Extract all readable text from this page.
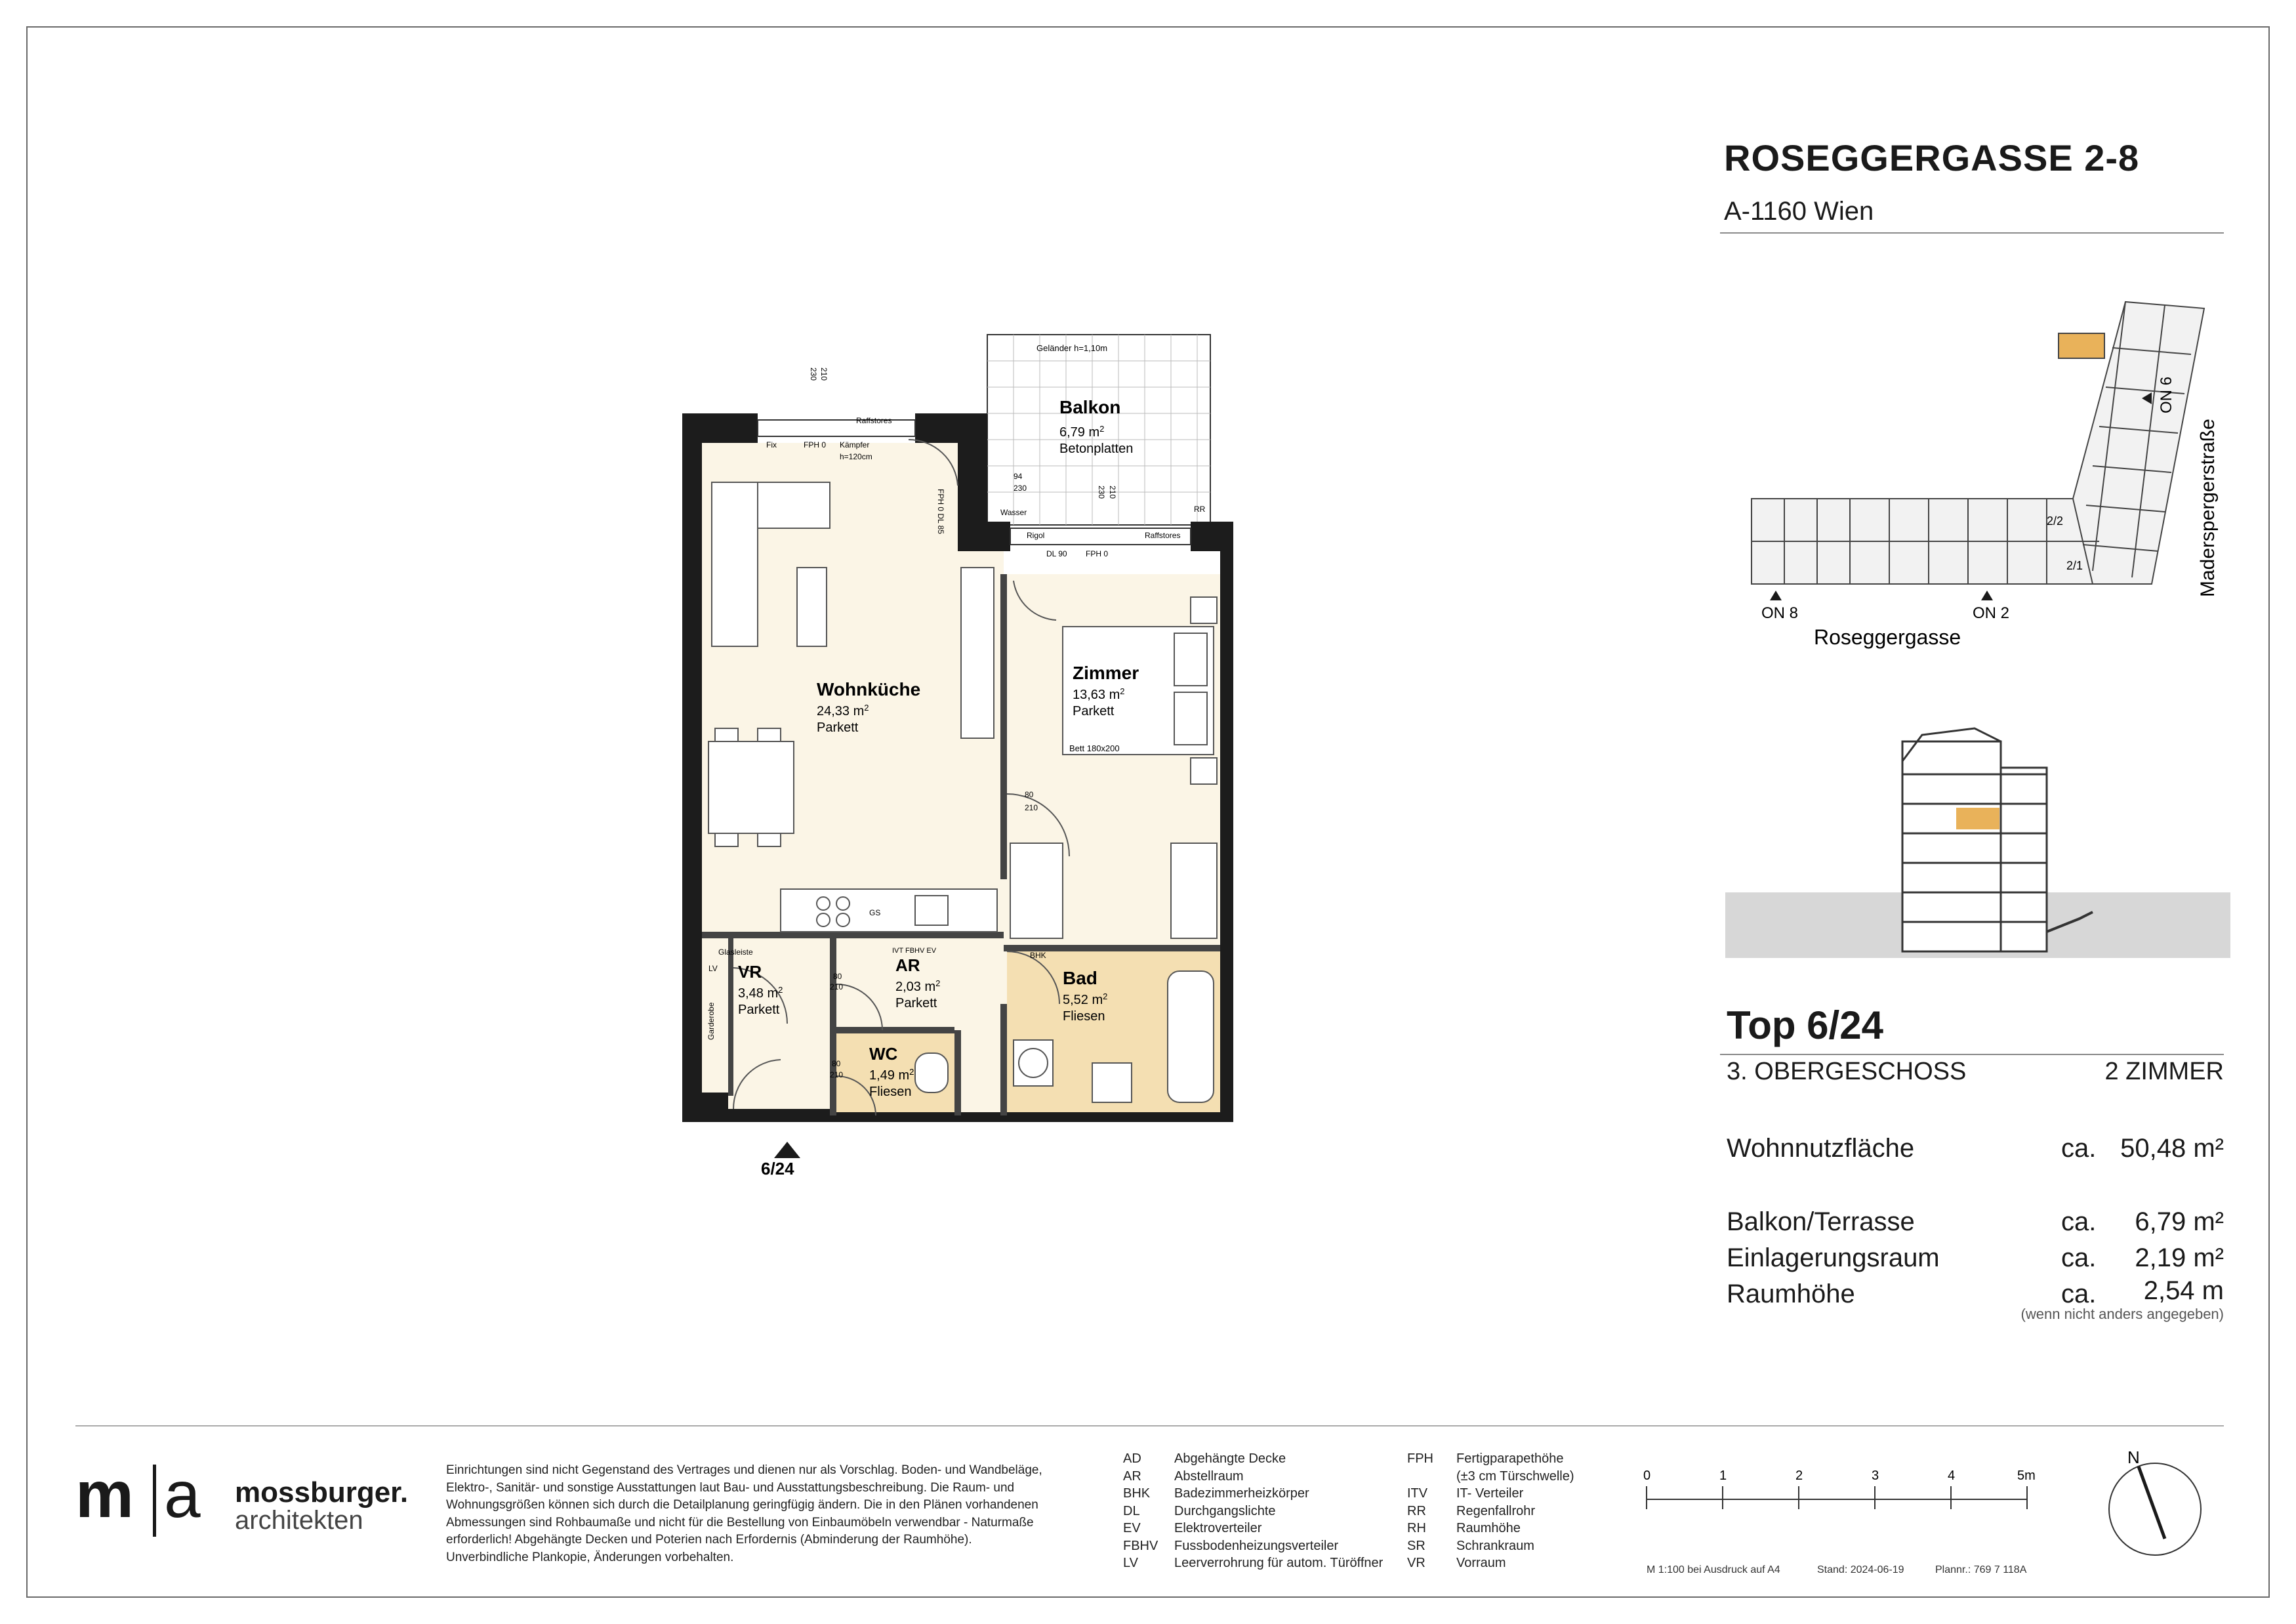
ROSEGGERGASSE 2-8
A-1160 Wien
ON 8	ON 2
ON 6
2/2
2/1
Roseggergasse
Maderspergerstraße
Top 6/24
3. OBERGESCHOSS	2 ZIMMER
Wohnnutzfläche	ca. 50,48 m²
Balkon/Terrasse	ca.	6,79 m²
Einlagerungsraum	ca.	2,19 m²
Raumhöhe	ca.	2,54 m
(wenn nicht anders angegeben)
Balkon
6,79 $m^2$
Betonplatten
Geländer h=1,10m
Wohnküche
24,33 $m^2$
Parkett
Zimmer
13,63 $m^2$
Parkett
Bett 180x200
VR
3,48 $m^2$
Parkett
AR
2,03 $m^2$
Parkett
Bad
5,52 $m^2$
Fliesen
WC
1,49 $m^2$
Fliesen
6/24
Raffstores
Raffstores
Fix	FPH 0 Kämpfer
h=120cm
FPH 0 DL 85	Wasser
Rigol
DL 90 FPH 0
RR
GS
BHK
IVT FBHV EV
Glasleiste
LV
Garderobe
94
230	210
230
80
210
80
210
80
210
210
230
m a mossburger.
architekten
Einrichtungen sind nicht Gegenstand des Vertrages und dienen nur als Vorschlag. Boden- und Wandbeläge, Elektro-, Sanitär- und sonstige Ausstattungen laut Bau- und Ausstattungsbeschreibung. Die Raum- und Wohnungsgrößen können sich durch die Detailplanung geringfügig ändern. Die in den Plänen vorhandenen Abmessungen sind Rohbaumaße und nicht für die Bestellung von Einbaumöbeln verwendbar - Naturmaße erforderlich! Abgehängte Decken und Poterien nach Erfordernis (Abminderung der Raumhöhe). Unverbindliche Plankopie, Änderungen vorbehalten.
AD	Abgehängte Decke
AR	Abstellraum
BHK Badezimmerheizkörper
DL	Durchgangslichte
EV	Elektroverteiler
FBHV Fussbodenheizungsverteiler
LV	Leerverrohrung für autom. Türöffner
FPH Fertigparapethöhe
(±3 cm Türschwelle)
ITV IT- Verteiler
RR Regenfallrohr
RH Raumhöhe
SR Schrankraum
VR Vorraum
0	1	2	3	4	5m
M 1:100 bei Ausdruck auf A4	Stand: 2024-06-19	Plannr.: 769 7 118A
N
